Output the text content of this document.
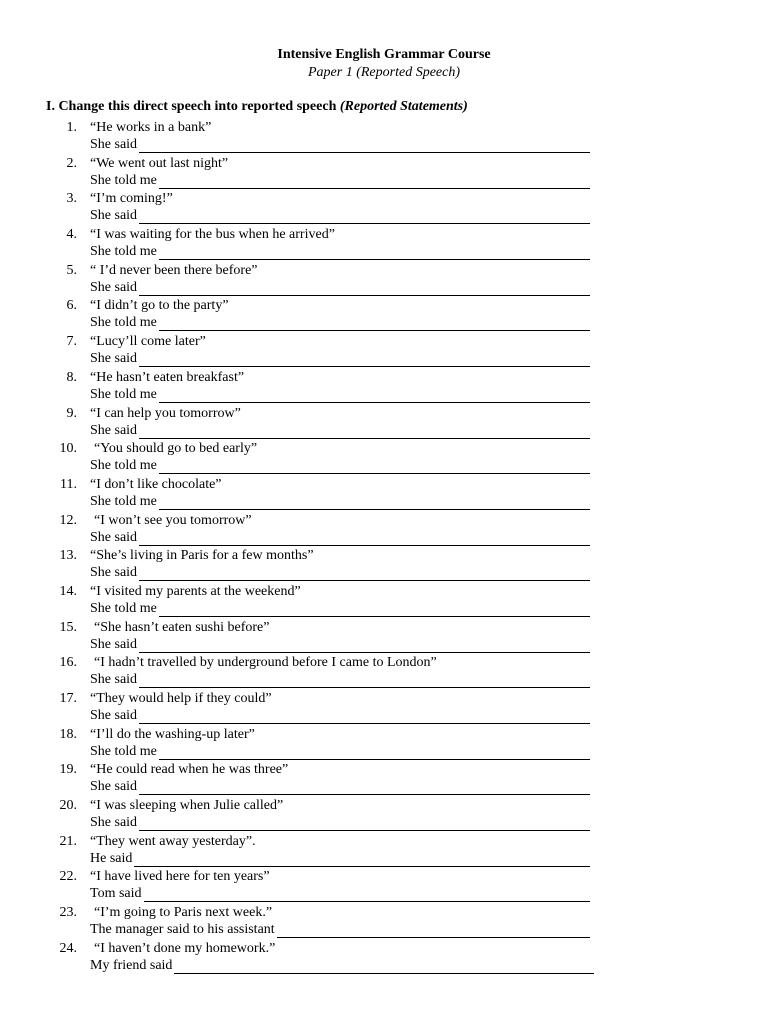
Intensive English Grammar Course
Paper 1 (Reported Speech)
I. Change this direct speech into reported speech (Reported Statements)
1. “He works in a bank”
She said
2. “We went out last night”
She told me
3. “I’m coming!”
She said
4. “I was waiting for the bus when he arrived”
She told me
5. “ I’d never been there before”
She said
6. “I didn’t go to the party”
She told me
7. “Lucy’ll come later”
She said
8. “He hasn’t eaten breakfast”
She told me
9. “I can help you tomorrow”
She said
10. “You should go to bed early”
She told me
11. “I don’t like chocolate”
She told me
12. “I won’t see you tomorrow”
She said
13. “She’s living in Paris for a few months”
She said
14. “I visited my parents at the weekend”
She told me
15. “She hasn’t eaten sushi before”
She said
16. “I hadn’t travelled by underground before I came to London”
She said
17. “They would help if they could”
She said
18. “I’ll do the washing-up later”
She told me
19. “He could read when he was three”
She said
20. “I was sleeping when Julie called”
She said
21. “They went away yesterday”.
He said
22. “I have lived here for ten years”
Tom said
23. “I’m going to Paris next week.”
The manager said to his assistant
24. “I haven’t done my homework.”
My friend said
